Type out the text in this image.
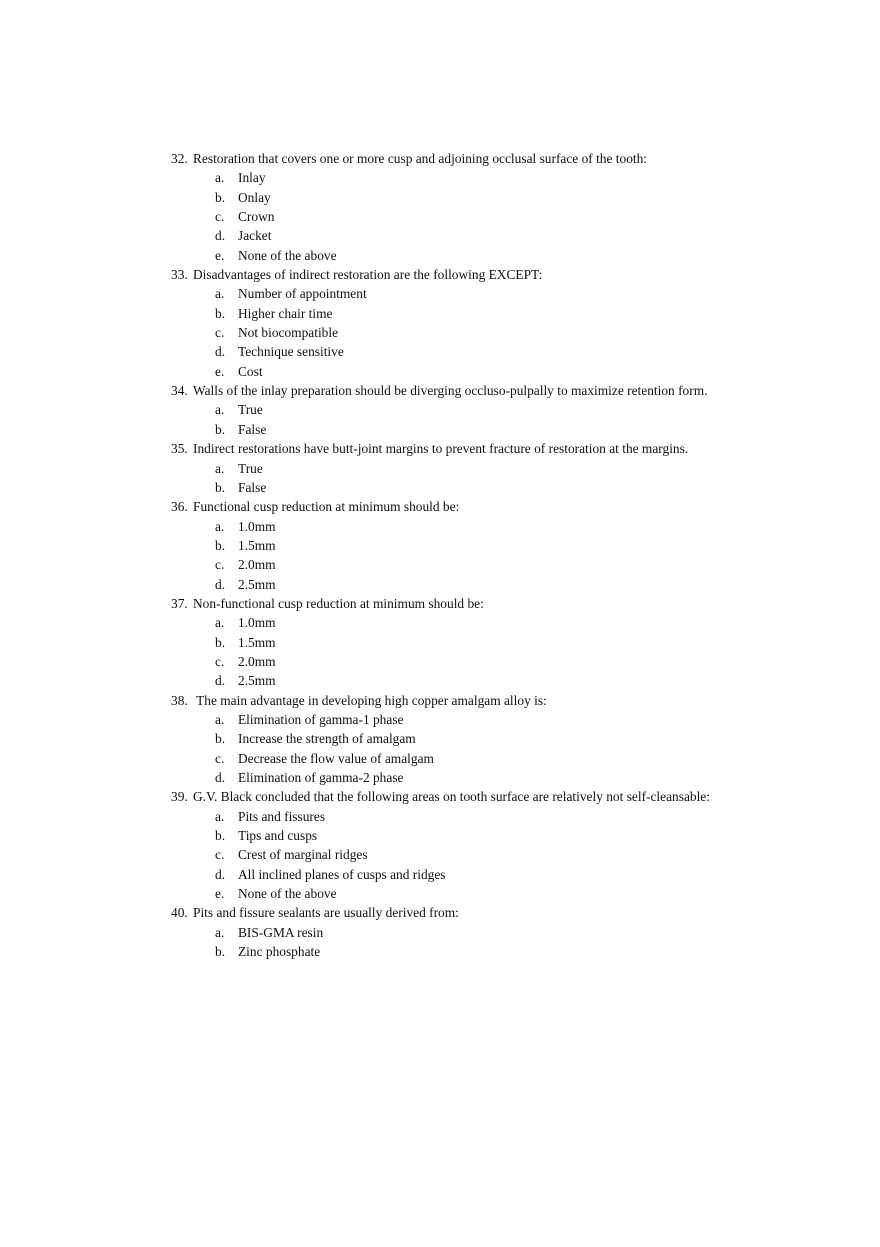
32. Restoration that covers one or more cusp and adjoining occlusal surface of the tooth:
a.	Inlay
b. Onlay
c.	Crown
d. Jacket
e.	None of the above
33. Disadvantages of indirect restoration are the following EXCEPT:
a.	Number of appointment
b. Higher chair time
c.	Not biocompatible
d. Technique sensitive
e.	Cost
34. Walls of the inlay preparation should be diverging occluso-pulpally to maximize retention form.
a.	True
b. False
35. Indirect restorations have butt-joint margins to prevent fracture of restoration at the margins.
a.	True
b. False
36. Functional cusp reduction at minimum should be:
a.	1.0mm
b. 1.5mm
c.	2.0mm
d. 2.5mm
37. Non-functional cusp reduction at minimum should be:
a.	1.0mm
b. 1.5mm
c.	2.0mm
d. 2.5mm
38. The main advantage in developing high copper amalgam alloy is:
a.	Elimination of gamma-1 phase
b. Increase the strength of amalgam
c.	Decrease the flow value of amalgam
d. Elimination of gamma-2 phase
39. G.V. Black concluded that the following areas on tooth surface are relatively not self-cleansable:
a.	Pits and fissures
b. Tips and cusps
c.	Crest of marginal ridges
d. All inclined planes of cusps and ridges
e.	None of the above
40. Pits and fissure sealants are usually derived from:
a.	BIS-GMA resin
b. Zinc phosphate
